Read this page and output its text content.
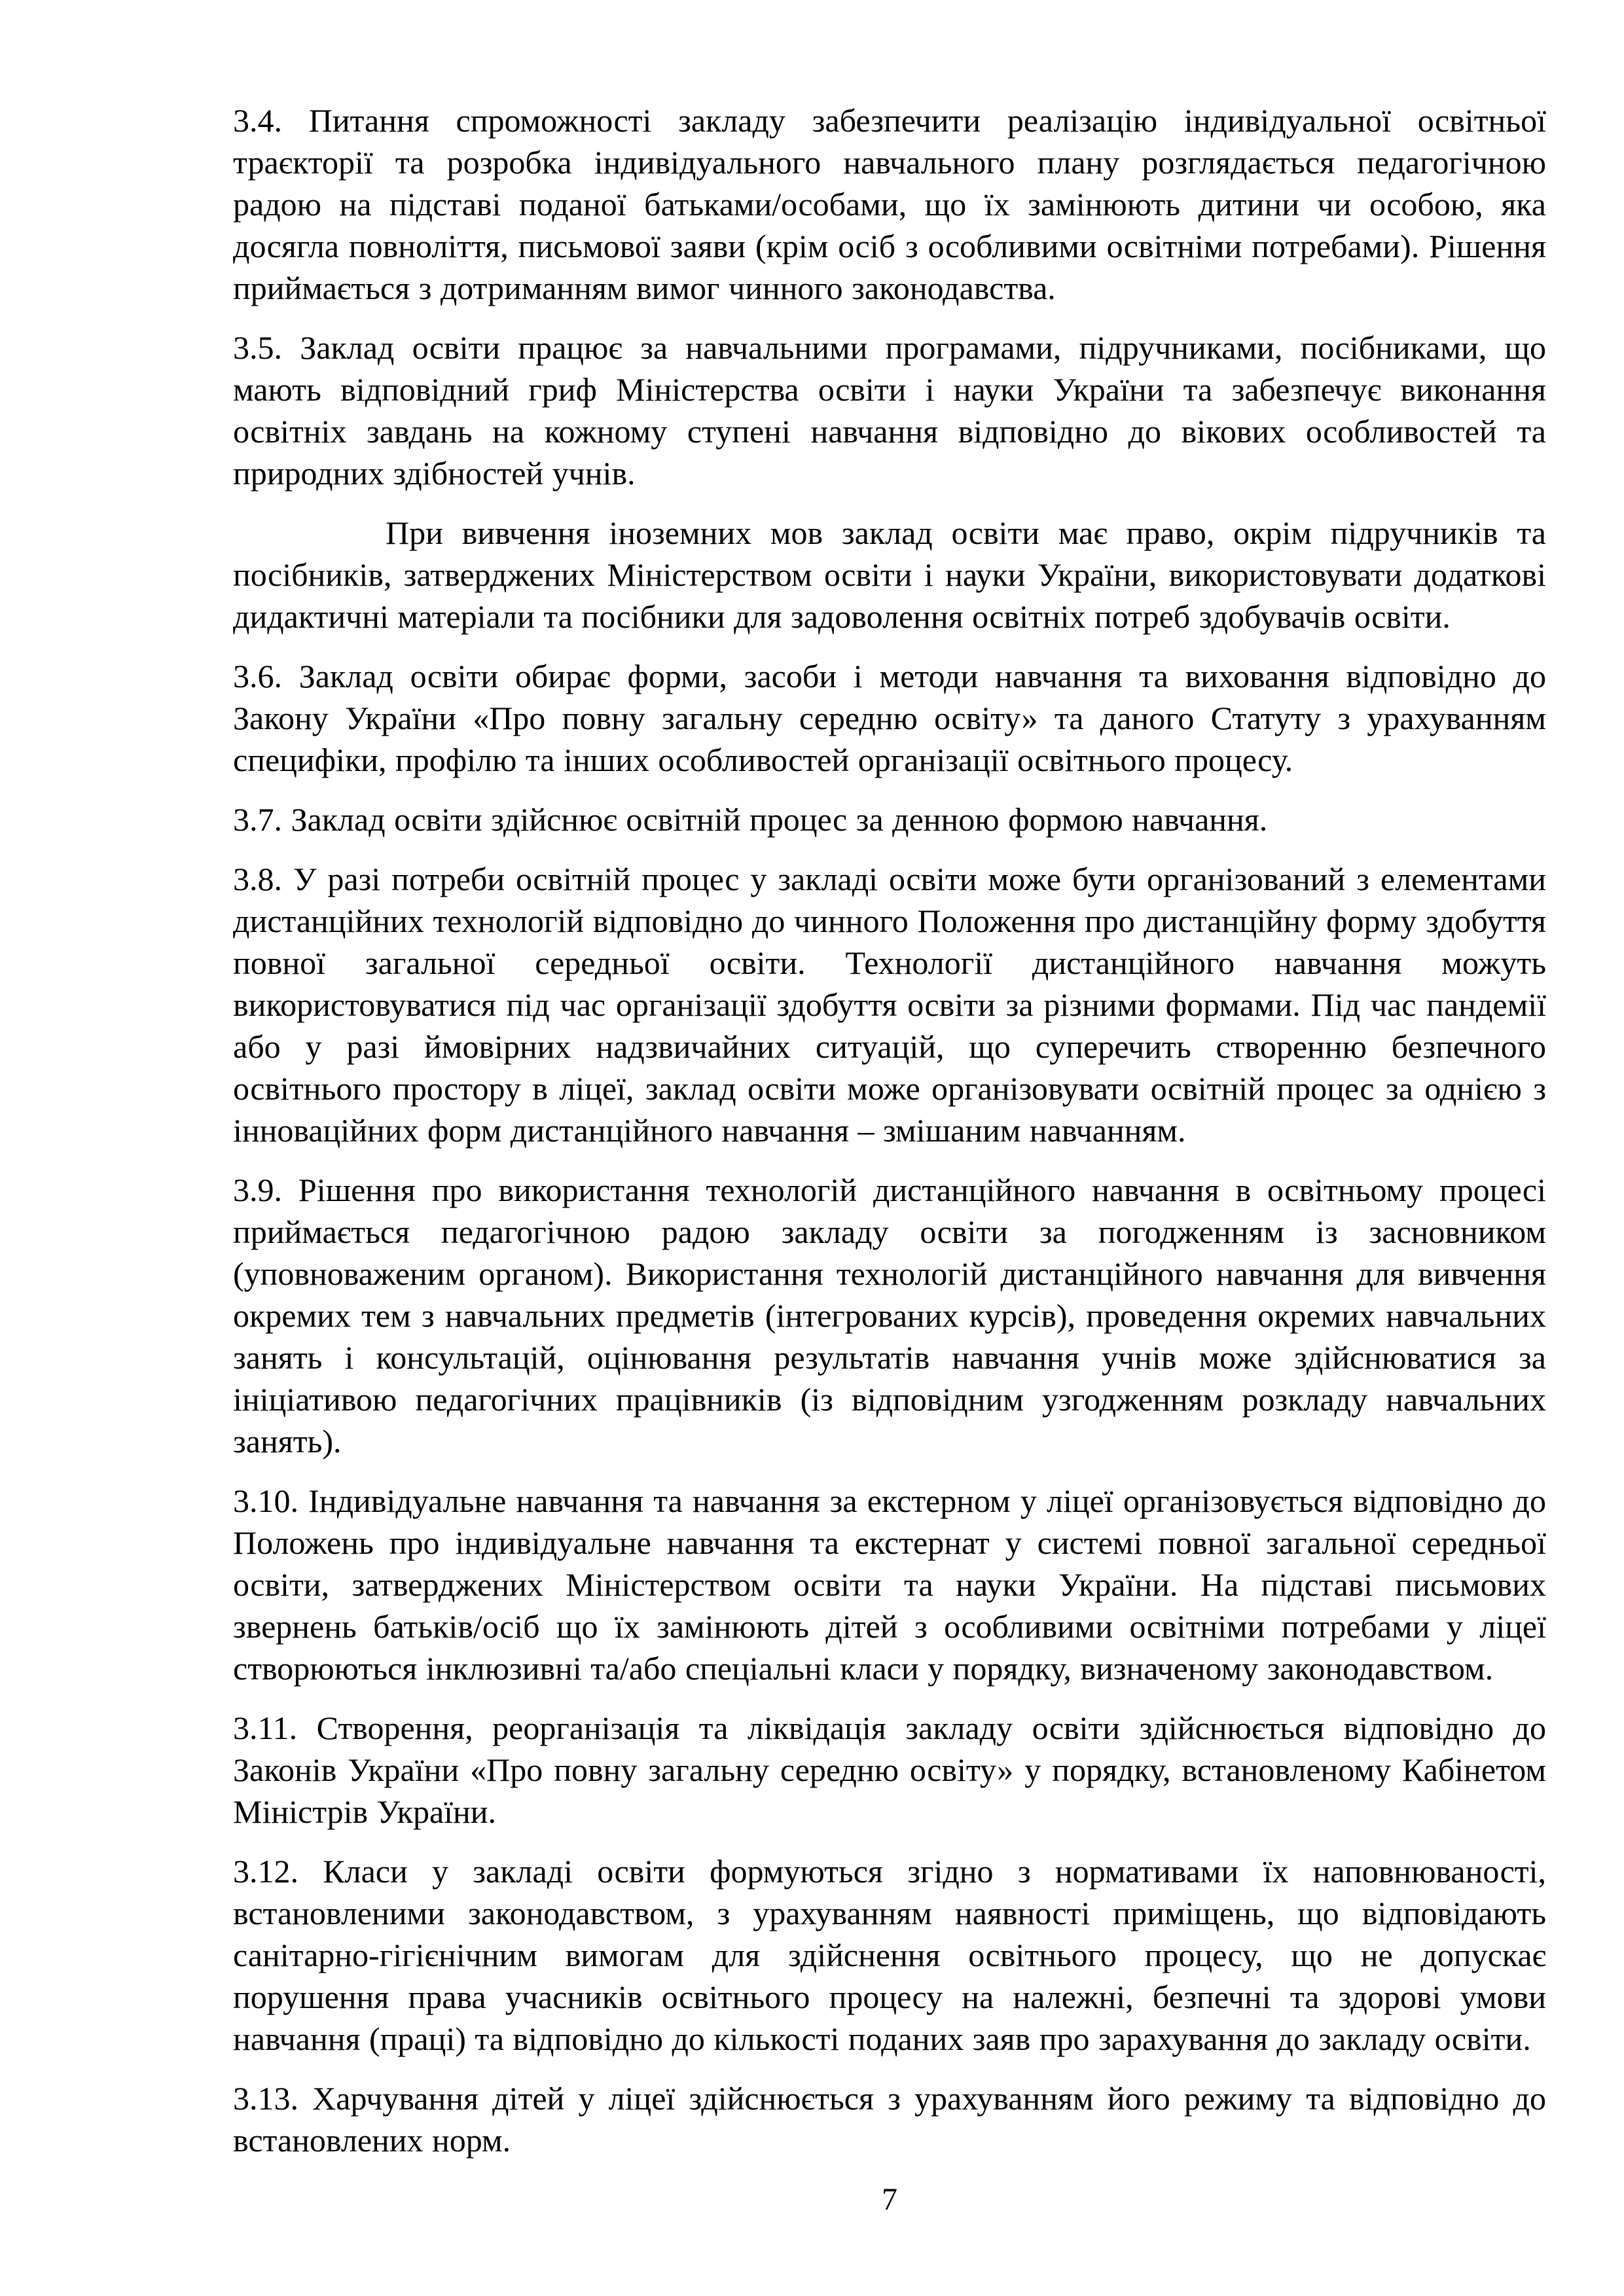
3.4. Питання спроможності закладу забезпечити реалізацію індивідуальної освітньої траєкторії та розробка індивідуального навчального плану розглядається педагогічною радою на підставі поданої батьками/особами, що їх замінюють дитини чи особою, яка досягла повноліття, письмової заяви (крім осіб з особливими освітніми потребами). Рішення приймається з дотриманням вимог чинного законодавства.

3.5. Заклад освіти працює за навчальними програмами, підручниками, посібниками, що мають відповідний гриф Міністерства освіти і науки України та забезпечує виконання освітніх завдань на кожному ступені навчання відповідно до вікових особливостей та природних здібностей учнів.

При вивчення іноземних мов заклад освіти має право, окрім підручників та посібників, затверджених Міністерством освіти і науки України, використовувати додаткові дидактичні матеріали та посібники для задоволення освітніх потреб здобувачів освіти.

3.6. Заклад освіти обирає форми, засоби і методи навчання та виховання відповідно до Закону України «Про повну загальну середню освіту» та даного Статуту з урахуванням специфіки, профілю та інших особливостей організації освітнього процесу.

3.7. Заклад освіти здійснює освітній процес за денною формою навчання.

3.8. У разі потреби освітній процес у закладі освіти може бути організований з елементами дистанційних технологій відповідно до чинного Положення про дистанційну форму здобуття повної загальної середньої освіти. Технології дистанційного навчання можуть використовуватися під час організації здобуття освіти за різними формами. Під час пандемії або у разі ймовірних надзвичайних ситуацій, що суперечить створенню безпечного освітнього простору в ліцеї, заклад освіти може організовувати освітній процес за однією з інноваційних форм дистанційного навчання – змішаним навчанням.

3.9. Рішення про використання технологій дистанційного навчання в освітньому процесі приймається педагогічною радою закладу освіти за погодженням із засновником (уповноваженим органом). Використання технологій дистанційного навчання для вивчення окремих тем з навчальних предметів (інтегрованих курсів), проведення окремих навчальних занять і консультацій, оцінювання результатів навчання учнів може здійснюватися за ініціативою педагогічних працівників (із відповідним узгодженням розкладу навчальних занять).

3.10. Індивідуальне навчання та навчання за екстерном у ліцеї організовується відповідно до Положень про індивідуальне навчання та екстернат у системі повної загальної середньої освіти, затверджених Міністерством освіти та науки України. На підставі письмових звернень батьків/осіб що їх замінюють дітей з особливими освітніми потребами у ліцеї створюються інклюзивні та/або спеціальні класи у порядку, визначеному законодавством.

3.11. Створення, реорганізація та ліквідація закладу освіти здійснюється відповідно до Законів України «Про повну загальну середню освіту» у порядку, встановленому Кабінетом Міністрів України.

3.12. Класи у закладі освіти формуються згідно з нормативами їх наповнюваності, встановленими законодавством, з урахуванням наявності приміщень, що відповідають санітарно-гігієнічним вимогам для здійснення освітнього процесу, що не допускає порушення права учасників освітнього процесу на належні, безпечні та здорові умови навчання (праці) та відповідно до кількості поданих заяв про зарахування до закладу освіти.

3.13. Харчування дітей у ліцеї здійснюється з урахуванням його режиму та відповідно до встановлених норм.

7
